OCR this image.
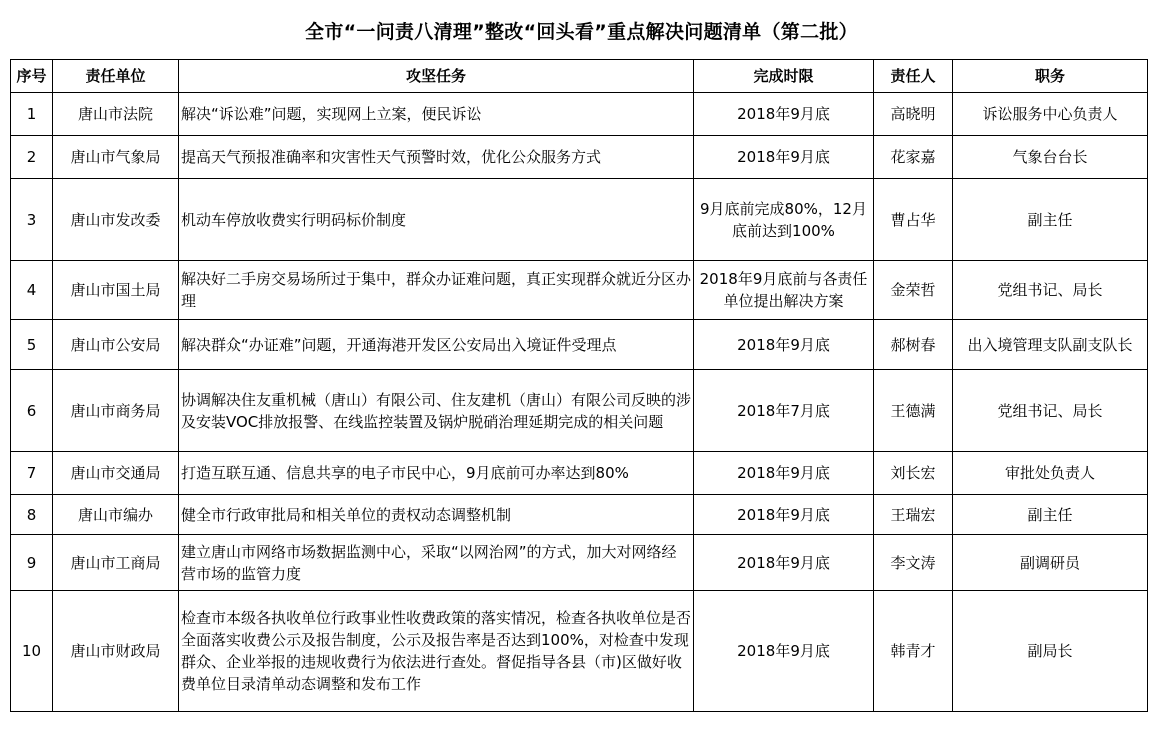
全市“一问责八清理”整改“回头看”重点解决问题清单（第二批）
序号	责任单位	攻坚任务	完成时限	责任人	职务
1	唐山市法院	解决“诉讼难”问题，实现网上立案，便民诉讼	2018年9月底	高晓明	诉讼服务中心负责人
2	唐山市气象局	提高天气预报准确率和灾害性天气预警时效，优化公众服务方式	2018年9月底	花家嘉	气象台台长
3	唐山市发改委	机动车停放收费实行明码标价制度	9月底前完成80%，12月底前达到100%	曹占华	副主任
4	唐山市国土局	解决好二手房交易场所过于集中，群众办证难问题，真正实现群众就近分区办理	2018年9月底前与各责任单位提出解决方案	金荣哲	党组书记、局长
5	唐山市公安局	解决群众“办证难”问题，开通海港开发区公安局出入境证件受理点	2018年9月底	郝树春	出入境管理支队副支队长
6	唐山市商务局	协调解决住友重机械（唐山）有限公司、住友建机（唐山）有限公司反映的涉及安装VOC排放报警、在线监控装置及锅炉脱硝治理延期完成的相关问题	2018年7月底	王德满	党组书记、局长
7	唐山市交通局	打造互联互通、信息共享的电子市民中心，9月底前可办率达到80%	2018年9月底	刘长宏	审批处负责人
8	唐山市编办	健全市行政审批局和相关单位的责权动态调整机制	2018年9月底	王瑞宏	副主任
9	唐山市工商局	建立唐山市网络市场数据监测中心，采取“以网治网”的方式，加大对网络经营市场的监管力度	2018年9月底	李文涛	副调研员
10	唐山市财政局	检查市本级各执收单位行政事业性收费政策的落实情况，检查各执收单位是否全面落实收费公示及报告制度，公示及报告率是否达到100%，对检查中发现群众、企业举报的违规收费行为依法进行查处。督促指导各县（市)区做好收费单位目录清单动态调整和发布工作	2018年9月底	韩青才	副局长
